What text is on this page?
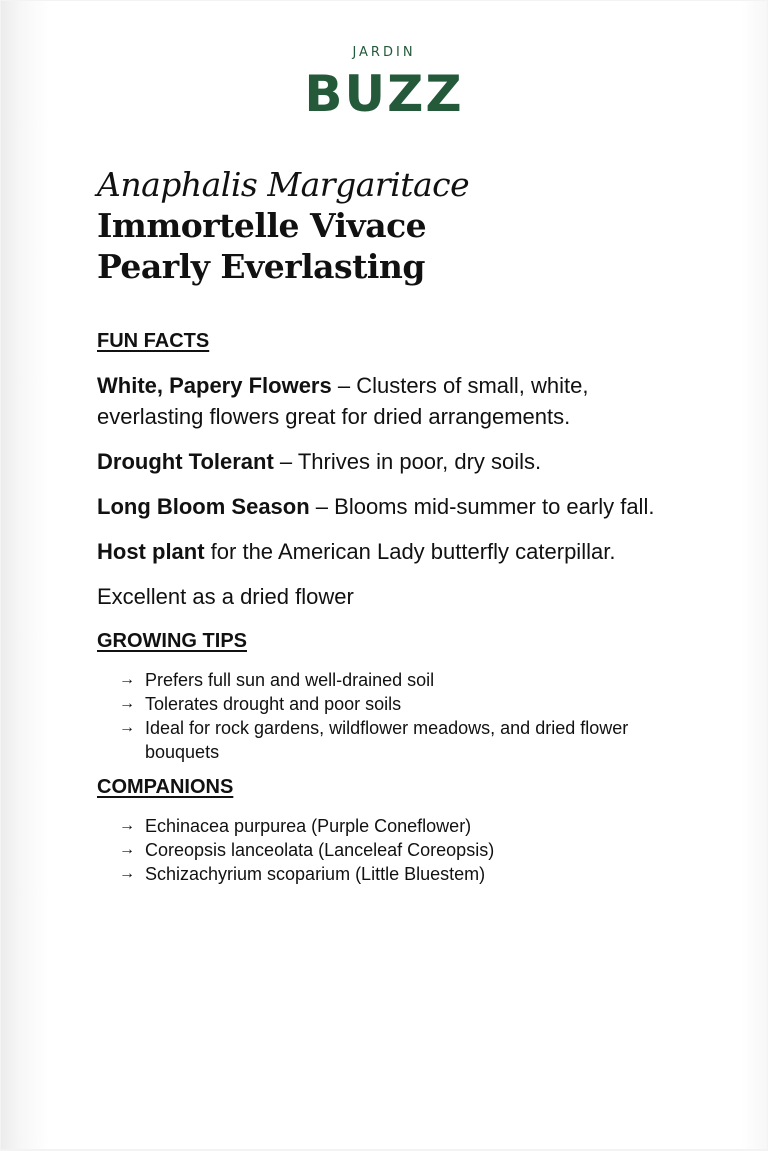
JARDIN
BUZZ
Anaphalis Margaritace
Immortelle Vivace
Pearly Everlasting
FUN FACTS

White, Papery Flowers – Clusters of small, white, everlasting flowers great for dried arrangements.

Drought Tolerant – Thrives in poor, dry soils.

Long Bloom Season – Blooms mid-summer to early fall.

Host plant for the American Lady butterfly caterpillar.

Excellent as a dried flower

GROWING TIPS
→ Prefers full sun and well-drained soil
→ Tolerates drought and poor soils
→ Ideal for rock gardens, wildflower meadows, and dried flower bouquets
COMPANIONS
→ Echinacea purpurea (Purple Coneflower)
→ Coreopsis lanceolata (Lanceleaf Coreopsis)
→ Schizachyrium scoparium (Little Bluestem)
